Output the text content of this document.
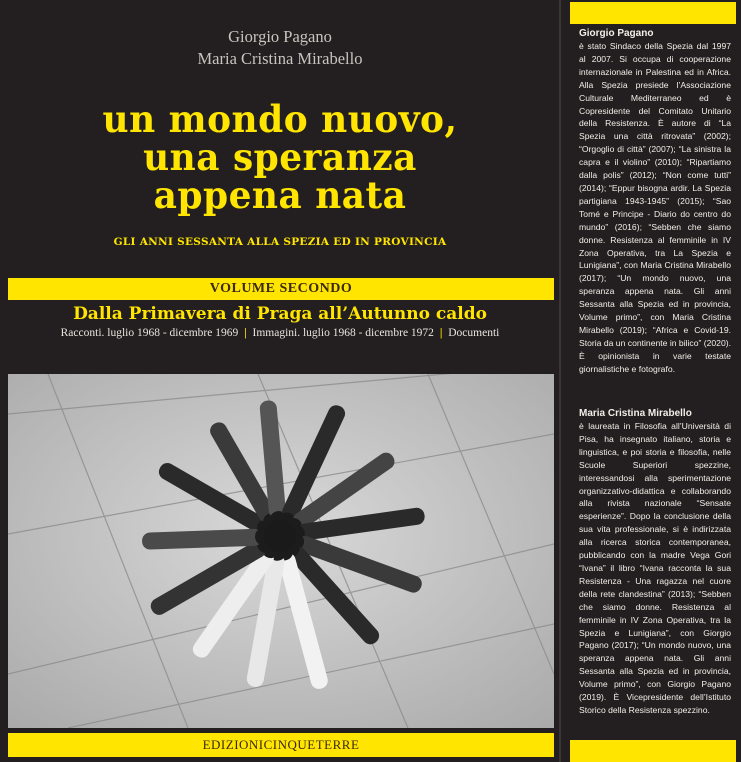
Giorgio Pagano
Maria Cristina Mirabello
un mondo nuovo,
una speranza
appena nata
GLI ANNI SESSANTA ALLA SPEZIA ED IN PROVINCIA
VOLUME SECONDO
Dalla Primavera di Praga all’Autunno caldo
Racconti. luglio 1968 - dicembre 1969 | Immagini. luglio 1968 - dicembre 1972 | Documenti
EDIZIONICINQUETERRE
Giorgio Pagano
è stato Sindaco della Spezia dal 1997 al 2007. Si occupa di cooperazione internazionale in Palestina ed in Africa. Alla Spezia presiede l’Associazione Culturale Mediterraneo ed è Copresidente del Comitato Unitario della Resistenza. È autore di “La Spezia una città ritrovata” (2002); “Orgoglio di città” (2007); “La sinistra la capra e il violino” (2010); “Ripartiamo dalla polis” (2012); “Non come tutti” (2014); “Eppur bisogna ardir. La Spezia partigiana 1943-1945” (2015); “Sao Tomé e Principe - Diario do centro do mundo” (2016); “Sebben che siamo donne. Resistenza al femminile in IV Zona Operativa, tra La Spezia e Lunigiana”, con Maria Cristina Mirabello (2017); “Un mondo nuovo, una speranza appena nata. Gli anni Sessanta alla Spezia ed in provincia, Volume primo”, con Maria Cristina Mirabello (2019); “Africa e Covid-19. Storia da un continente in bilico” (2020). È opinionista in varie testate giornalistiche e fotografo.
Maria Cristina Mirabello
è laureata in Filosofia all’Università di Pisa, ha insegnato italiano, storia e linguistica, e poi storia e filosofia, nelle Scuole Superiori spezzine, interessandosi alla sperimentazione organizzativo-didattica e collaborando alla rivista nazionale “Sensate esperienze”. Dopo la conclusione della sua vita professionale, si è indirizzata alla ricerca storica contemporanea, pubblicando con la madre Vega Gori “Ivana” il libro “Ivana racconta la sua Resistenza - Una ragazza nel cuore della rete clandestina” (2013); “Sebben che siamo donne. Resistenza al femminile in IV Zona Operativa, tra la Spezia e Lunigiana”, con Giorgio Pagano (2017); “Un mondo nuovo, una speranza appena nata. Gli anni Sessanta alla Spezia ed in provincia, Volume primo”, con Giorgio Pagano (2019). È Vicepresidente dell’Istituto Storico della Resistenza spezzino.
